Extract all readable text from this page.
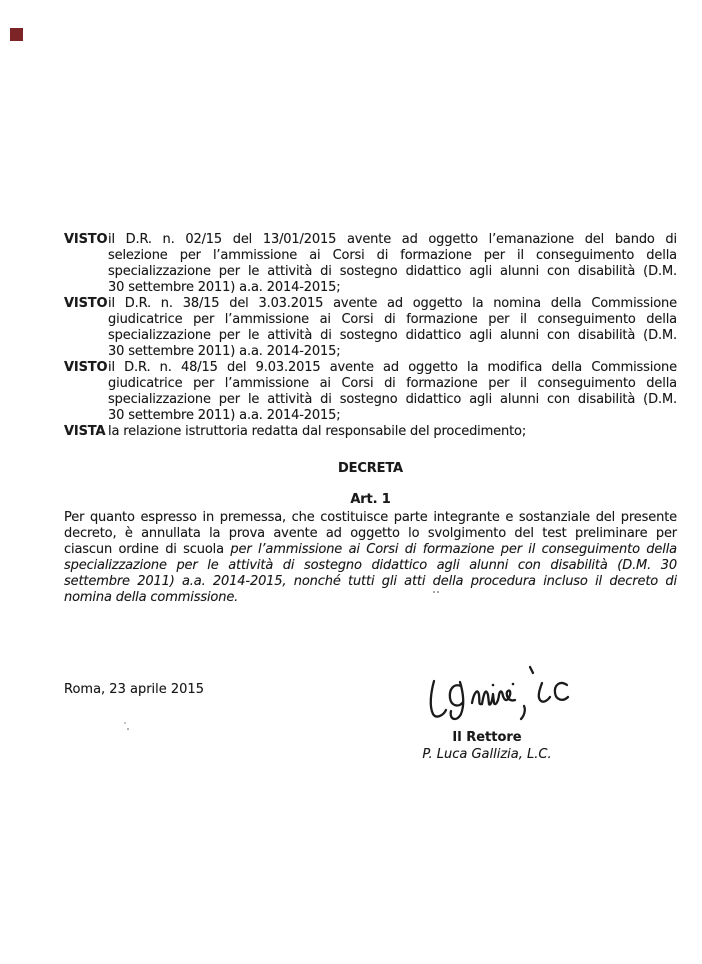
VISTO il D.R. n. 02/15 del 13/01/2015 avente ad oggetto l’emanazione del bando di
selezione per l’ammissione ai Corsi di formazione per il conseguimento della
specializzazione per le attività di sostegno didattico agli alunni con disabilità (D.M.
30 settembre 2011) a.a. 2014-2015;
VISTO il D.R. n. 38/15 del 3.03.2015 avente ad oggetto la nomina della Commissione
giudicatrice per l’ammissione ai Corsi di formazione per il conseguimento della
specializzazione per le attività di sostegno didattico agli alunni con disabilità (D.M.
30 settembre 2011) a.a. 2014-2015;
VISTO il D.R. n. 48/15 del 9.03.2015 avente ad oggetto la modifica della Commissione
giudicatrice per l’ammissione ai Corsi di formazione per il conseguimento della
specializzazione per le attività di sostegno didattico agli alunni con disabilità (D.M.
30 settembre 2011) a.a. 2014-2015;
VISTA la relazione istruttoria redatta dal responsabile del procedimento;
DECRETA
Art. 1
Per quanto espresso in premessa, che costituisce parte integrante e sostanziale del presente
decreto, è annullata la prova avente ad oggetto lo svolgimento del test preliminare per
ciascun ordine di scuola per l’ammissione ai Corsi di formazione per il conseguimento della
specializzazione per le attività di sostegno didattico agli alunni con disabilità (D.M. 30
settembre 2011) a.a. 2014-2015, nonché tutti gli atti della procedura incluso il decreto di
nomina della commissione.
Roma, 23 aprile 2015
Il Rettore
P. Luca Gallizia, L.C.
